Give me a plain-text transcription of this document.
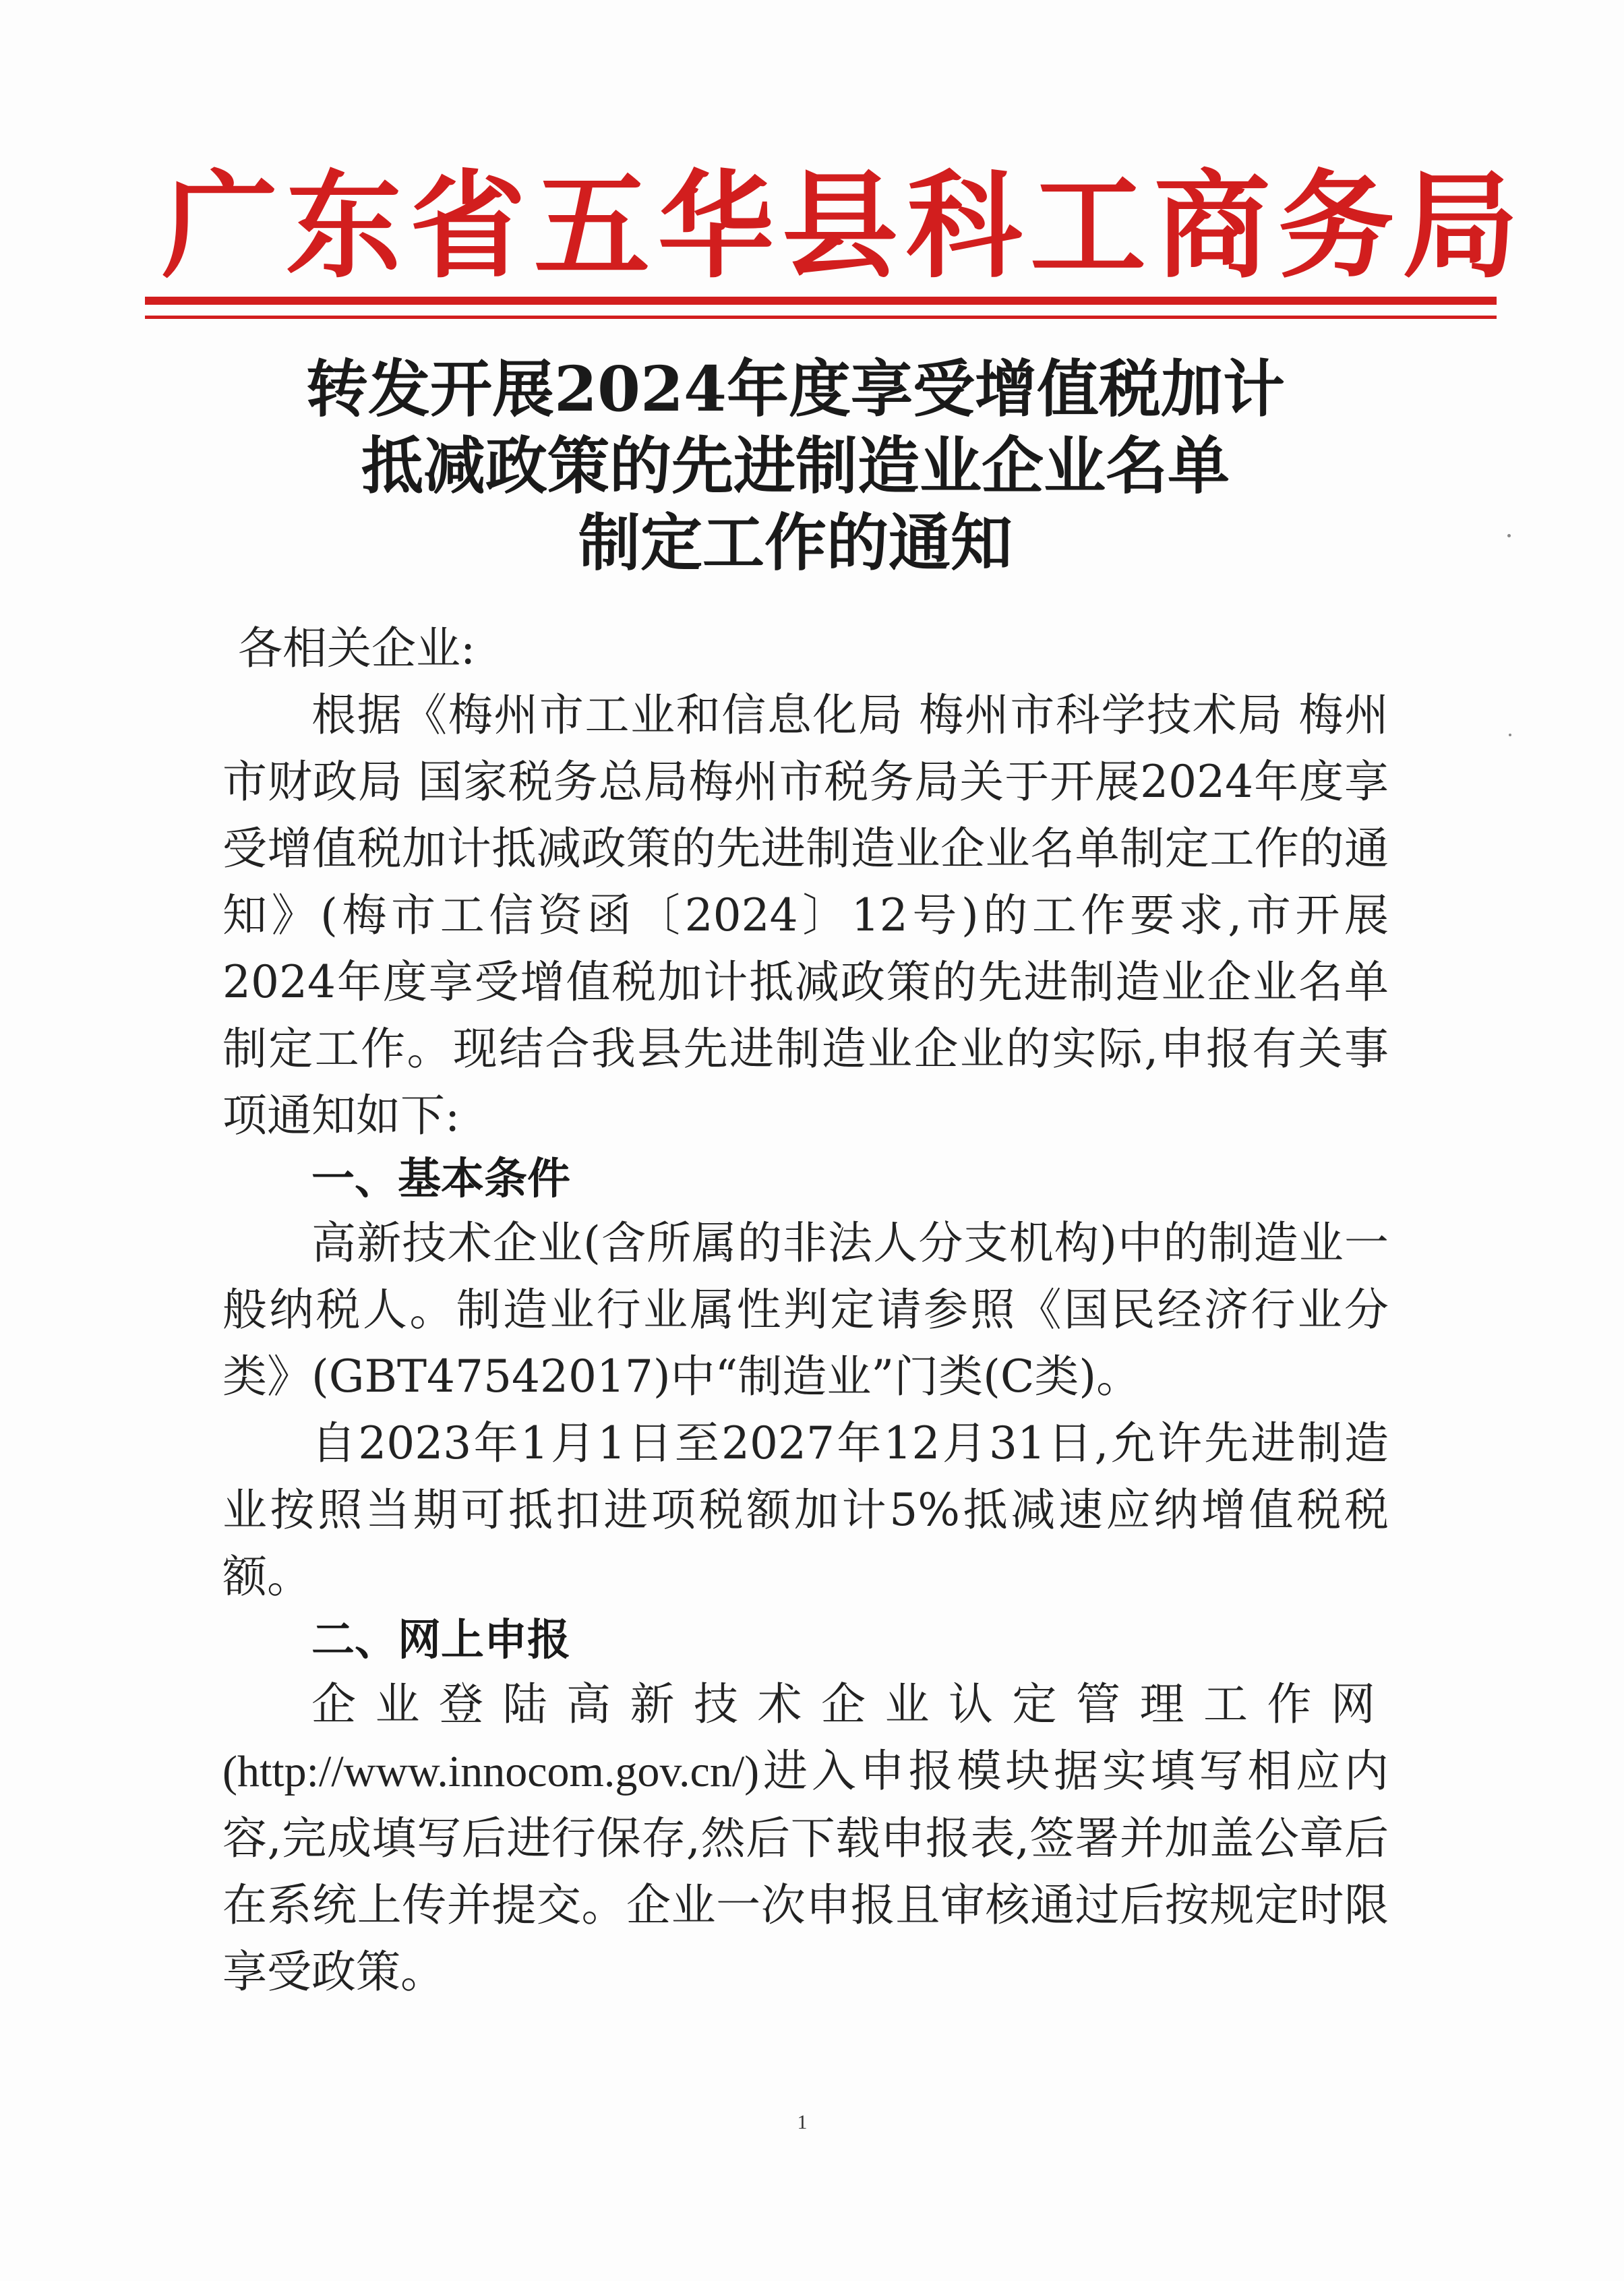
广东省五华县科工商务局
转发开展2024年度享受增值税加计
抵减政策的先进制造业企业名单
制定工作的通知

各相关企业:

根据《梅州市工业和信息化局 梅州市科学技术局 梅州市财政局 国家税务总局梅州市税务局关于开展2024年度享受增值税加计抵减政策的先进制造业企业名单制定工作的通知》(梅市工信资函〔2024〕12号)的工作要求,市开展2024年度享受增值税加计抵减政策的先进制造业企业名单制定工作。现结合我县先进制造业企业的实际,申报有关事项通知如下:

一、基本条件

高新技术企业(含所属的非法人分支机构)中的制造业一般纳税人。制造业行业属性判定请参照《国民经济行业分类》(GBT47542017)中“制造业”门类(C类)。

自2023年1月1日至2027年12月31日,允许先进制造业按照当期可抵扣进项税额加计5%抵减速应纳增值税税额。

二、网上申报

企业登陆高新技术企业认定管理工作网(http://www.innocom.gov.cn/)进入申报模块据实填写相应内容,完成填写后进行保存,然后下载申报表,签署并加盖公章后在系统上传并提交。企业一次申报且审核通过后按规定时限享受政策。

1
